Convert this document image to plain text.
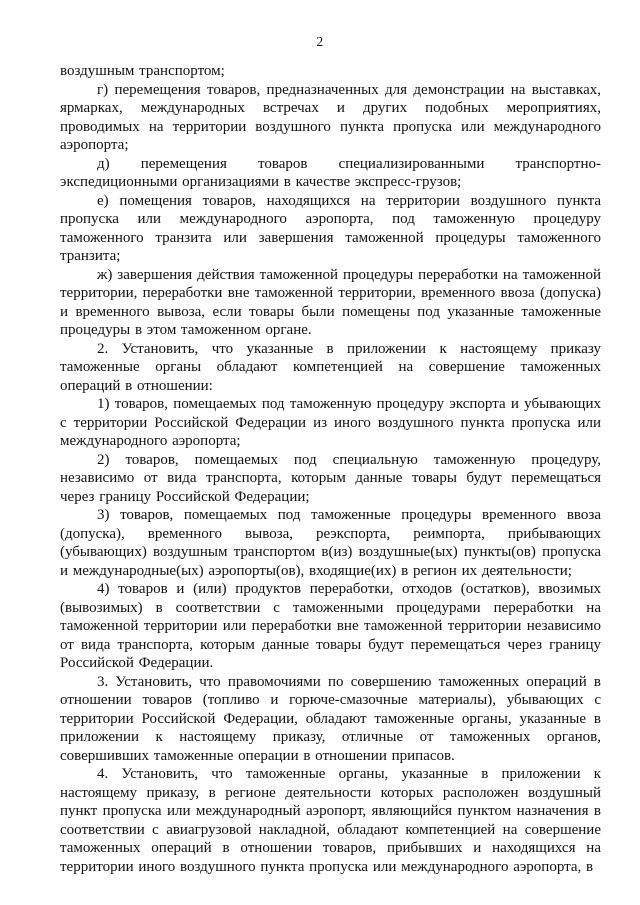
2

воздушным транспортом;

г) перемещения товаров, предназначенных для демонстрации на выставках, ярмарках, международных встречах и других подобных мероприятиях, проводимых на территории воздушного пункта пропуска или международного аэропорта;

д) перемещения товаров специализированными транспортно-экспедиционными организациями в качестве экспресс-грузов;

е) помещения товаров, находящихся на территории воздушного пункта пропуска или международного аэропорта, под таможенную процедуру таможенного транзита или завершения таможенной процедуры таможенного транзита;

ж) завершения действия таможенной процедуры переработки на таможенной территории, переработки вне таможенной территории, временного ввоза (допуска) и временного вывоза, если товары были помещены под указанные таможенные процедуры в этом таможенном органе.

2. Установить, что указанные в приложении к настоящему приказу таможенные органы обладают компетенцией на совершение таможенных операций в отношении:

1) товаров, помещаемых под таможенную процедуру экспорта и убывающих с территории Российской Федерации из иного воздушного пункта пропуска или международного аэропорта;

2) товаров, помещаемых под специальную таможенную процедуру, независимо от вида транспорта, которым данные товары будут перемещаться через границу Российской Федерации;

3) товаров, помещаемых под таможенные процедуры временного ввоза (допуска), временного вывоза, реэкспорта, реимпорта, прибывающих (убывающих) воздушным транспортом в(из) воздушные(ых) пункты(ов) пропуска и международные(ых) аэропорты(ов), входящие(их) в регион их деятельности;

4) товаров и (или) продуктов переработки, отходов (остатков), ввозимых (вывозимых) в соответствии с таможенными процедурами переработки на таможенной территории или переработки вне таможенной территории независимо от вида транспорта, которым данные товары будут перемещаться через границу Российской Федерации.

3. Установить, что правомочиями по совершению таможенных операций в отношении товаров (топливо и горюче-смазочные материалы), убывающих с территории Российской Федерации, обладают таможенные органы, указанные в приложении к настоящему приказу, отличные от таможенных органов, совершивших таможенные операции в отношении припасов.

4. Установить, что таможенные органы, указанные в приложении к настоящему приказу, в регионе деятельности которых расположен воздушный пункт пропуска или международный аэропорт, являющийся пунктом назначения в соответствии с авиагрузовой накладной, обладают компетенцией на совершение таможенных операций в отношении товаров, прибывших и находящихся на территории иного воздушного пункта пропуска или международного аэропорта, в
